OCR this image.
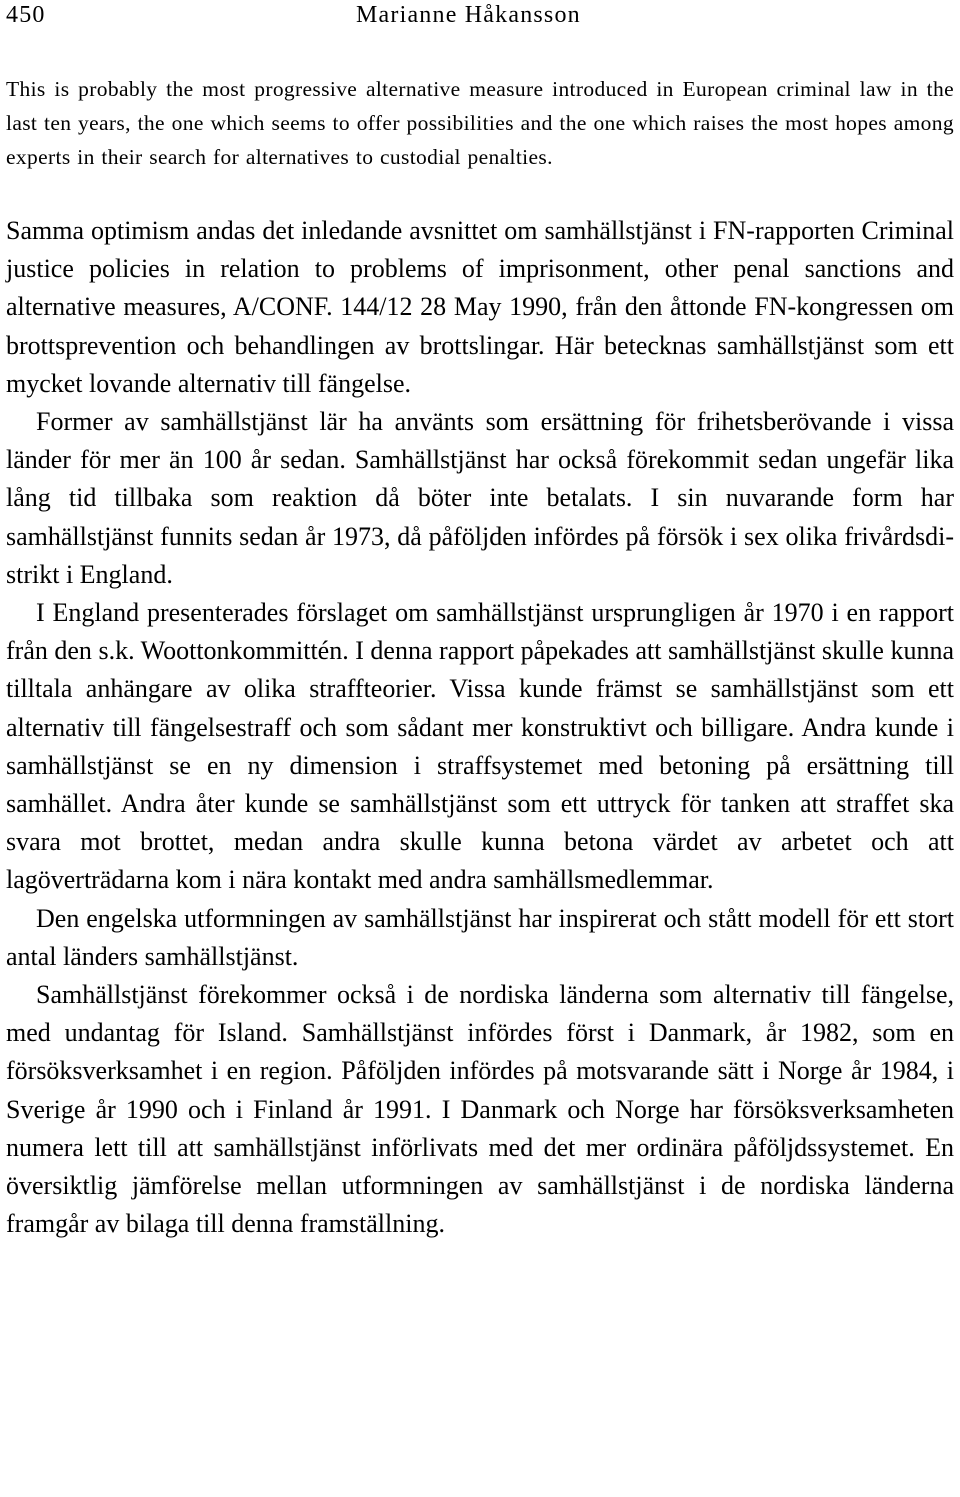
450	Marianne Håkansson

This is probably the most progressive alternative measure introduced in European criminal law in the last ten years, the one which seems to offer possibilities and the one which raises the most hopes among experts in their search for alternatives to custodial penalties.

Samma optimism andas det inledande avsnittet om samhällstjänst i FN-rapporten Criminal justice policies in relation to problems of imprisonment, other penal sanctions and alternative measures, A/CONF. 144/12 28 May 1990, från den åttonde FN-kongressen om brottsprevention och behandlingen av brottslingar. Här betecknas samhällstjänst som ett mycket lovande alternativ till fängelse.

Former av samhällstjänst lär ha använts som ersättning för frihetsberövande i vissa länder för mer än 100 år sedan. Samhällstjänst har också förekommit sedan ungefär lika lång tid tillbaka som reaktion då böter inte betalats. I sin nuvarande form har samhällstjänst funnits sedan år 1973, då påföljden infördes på försök i sex olika frivårdsdistrikt i England.

I England presenterades förslaget om samhällstjänst ursprungligen år 1970 i en rapport från den s.k. Woottonkommittén. I denna rapport påpekades att samhällstjänst skulle kunna tilltala anhängare av olika straffteorier. Vissa kunde främst se samhällstjänst som ett alternativ till fängelsestraff och som sådant mer konstruktivt och billigare. Andra kunde i samhällstjänst se en ny dimension i straffsystemet med betoning på ersättning till samhället. Andra åter kunde se samhällstjänst som ett uttryck för tanken att straffet ska svara mot brottet, medan andra skulle kunna betona värdet av arbetet och att lagöverträdarna kom i nära kontakt med andra samhällsmedlemmar.

Den engelska utformningen av samhällstjänst har inspirerat och stått modell för ett stort antal länders samhällstjänst.

Samhällstjänst förekommer också i de nordiska länderna som alternativ till fängelse, med undantag för Island. Samhällstjänst infördes först i Danmark, år 1982, som en försöksverksamhet i en region. Påföljden infördes på motsvarande sätt i Norge år 1984, i Sverige år 1990 och i Finland år 1991. I Danmark och Norge har försöksverksamheten numera lett till att samhällstjänst införlivats med det mer ordinära påföljdssystemet. En översiktlig jämförelse mellan utformningen av samhällstjänst i de nordiska länderna framgår av bilaga till denna framställning.
